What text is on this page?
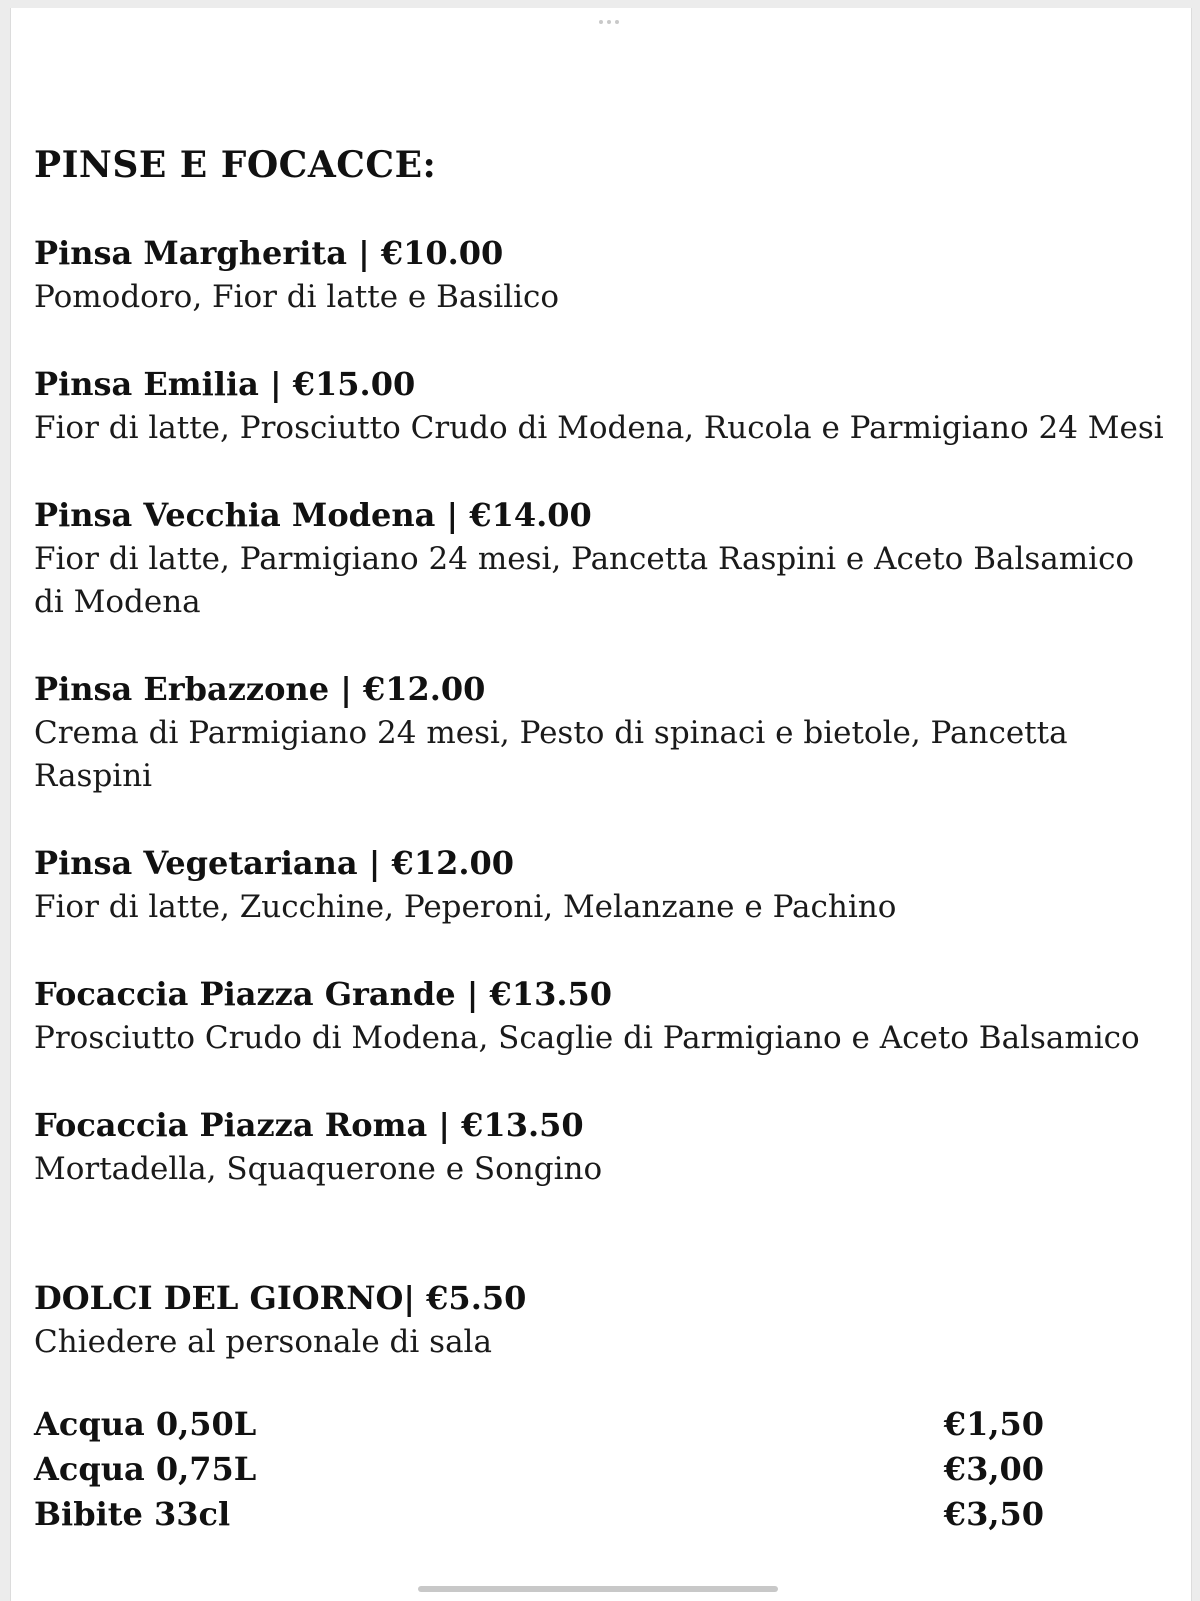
PINSE E FOCACCE:
Pinsa Margherita | €10.00
Pomodoro, Fior di latte e Basilico
Pinsa Emilia | €15.00
Fior di latte, Prosciutto Crudo di Modena, Rucola e Parmigiano 24 Mesi
Pinsa Vecchia Modena | €14.00
Fior di latte, Parmigiano 24 mesi, Pancetta Raspini e Aceto Balsamico di Modena
Pinsa Erbazzone | €12.00
Crema di Parmigiano 24 mesi, Pesto di spinaci e bietole, Pancetta Raspini
Pinsa Vegetariana | €12.00
Fior di latte, Zucchine, Peperoni, Melanzane e Pachino
Focaccia Piazza Grande | €13.50
Prosciutto Crudo di Modena, Scaglie di Parmigiano e Aceto Balsamico
Focaccia Piazza Roma | €13.50
Mortadella, Squaquerone e Songino
DOLCI DEL GIORNO| €5.50
Chiedere al personale di sala
Acqua 0,50L	€1,50
Acqua 0,75L	€3,00
Bibite 33cl	€3,50
